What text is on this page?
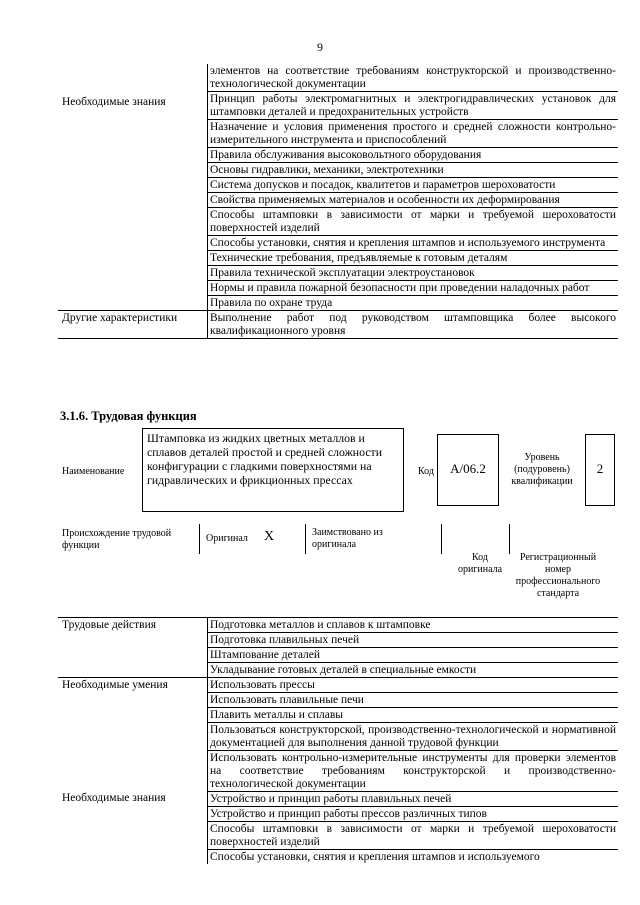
9
Необходимые знания	элементов на соответствие требованиям конструкторской и производственно-технологической документации
	Принцип работы электромагнитных и электрогидравлических установок для штамповки деталей и предохранительных устройств
	Назначение и условия применения простого и средней сложности контрольно-измерительного инструмента и приспособлений
	Правила обслуживания высоковольтного оборудования
	Основы гидравлики, механики, электротехники
	Система допусков и посадок, квалитетов и параметров шероховатости
	Свойства применяемых материалов и особенности их деформирования
	Способы штамповки в зависимости от марки и требуемой шероховатости поверхностей изделий
	Способы установки, снятия и крепления штампов и используемого инструмента
	Технические требования, предъявляемые к готовым деталям
	Правила технической эксплуатации электроустановок
	Нормы и правила пожарной безопасности при проведении наладочных работ
	Правила по охране труда
Другие характеристики	Выполнение работ под руководством штамповщика более высокого квалификационного уровня
3.1.6. Трудовая функция
Наименование
Штамповка из жидких цветных металлов и сплавов деталей простой и средней сложности конфигурации с гладкими поверхностями на гидравлических и фрикционных прессах
Код	А/06.2
Уровень (подуровень) квалификации
2
Происхождение трудовой функции
Оригинал X	Заимствовано из оригинала
Код оригинала
Регистрационный номер профессионального стандарта
Трудовые действия	Подготовка металлов и сплавов к штамповке
	Подготовка плавильных печей
	Штампование деталей
	Укладывание готовых деталей в специальные емкости
Необходимые умения	Использовать прессы
	Использовать плавильные печи
	Плавить металлы и сплавы
	Пользоваться конструкторской, производственно-технологической и нормативной документацией для выполнения данной трудовой функции
	Использовать контрольно-измерительные инструменты для проверки элементов на соответствие требованиям конструкторской и производственно-технологической документации
Необходимые знания	Устройство и принцип работы плавильных печей
	Устройство и принцип работы прессов различных типов
	Способы штамповки в зависимости от марки и требуемой шероховатости поверхностей изделий
	Способы установки, снятия и крепления штампов и используемого
